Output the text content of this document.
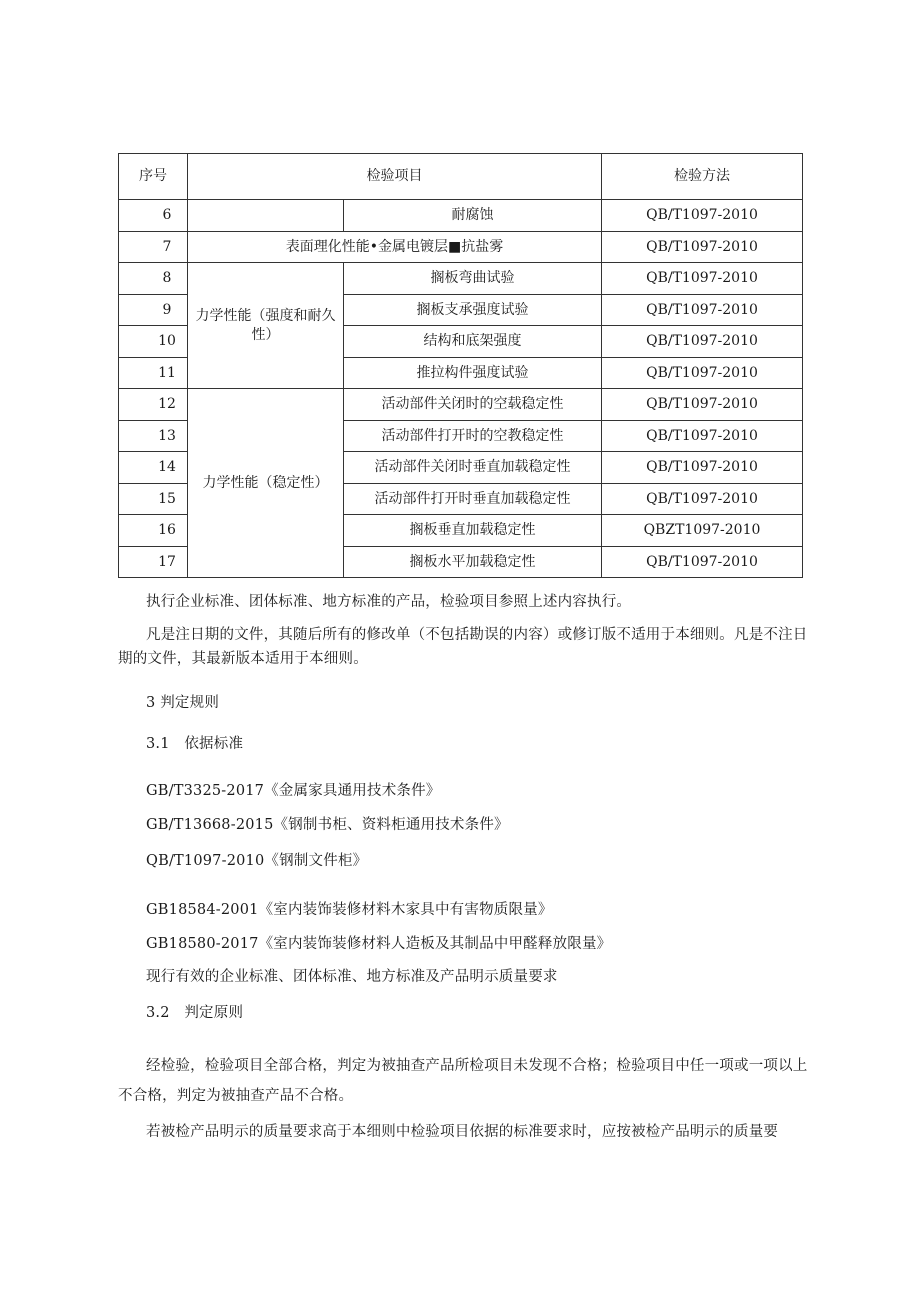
序号	检验项目		检验方法
6		耐腐蚀	QB/T1097-2010
7	表面理化性能•金属电镀层■抗盐雾		QB/T1097-2010
8	力学性能（强度和耐久性）	搁板弯曲试验	QB/T1097-2010
9		搁板支承强度试验	QB/T1097-2010
10		结构和底架强度	QB/T1097-2010
11		推拉构件强度试验	QB/T1097-2010
12	力学性能（稳定性）	活动部件关闭时的空载稳定性	QB/T1097-2010
13		活动部件打开时的空教稳定性	QB/T1097-2010
14		活动部件关闭时垂直加载稳定性	QB/T1097-2010
15		活动部件打开时垂直加载稳定性	QB/T1097-2010
16		搁板垂直加载稳定性	QBZT1097-2010
17		搁板水平加载稳定性	QB/T1097-2010

执行企业标准、团体标准、地方标准的产品，检验项目参照上述内容执行。

凡是注日期的文件，其随后所有的修改单（不包括勘误的内容）或修订版不适用于本细则。凡是不注日期的文件，其最新版本适用于本细则。

3 判定规则

3.1　依据标准

GB/T3325-2017《金属家具通用技术条件》

GB/T13668-2015《钢制书柜、资料柜通用技术条件》

QB/T1097-2010《钢制文件柜》

GB18584-2001《室内装饰装修材料木家具中有害物质限量》

GB18580-2017《室内装饰装修材料人造板及其制品中甲醛释放限量》

现行有效的企业标准、团体标准、地方标准及产品明示质量要求

3.2　判定原则

经检验，检验项目全部合格，判定为被抽查产品所检项目未发现不合格；检验项目中任一项或一项以上不合格，判定为被抽查产品不合格。

若被检产品明示的质量要求高于本细则中检验项目依据的标准要求时，应按被检产品明示的质量要
